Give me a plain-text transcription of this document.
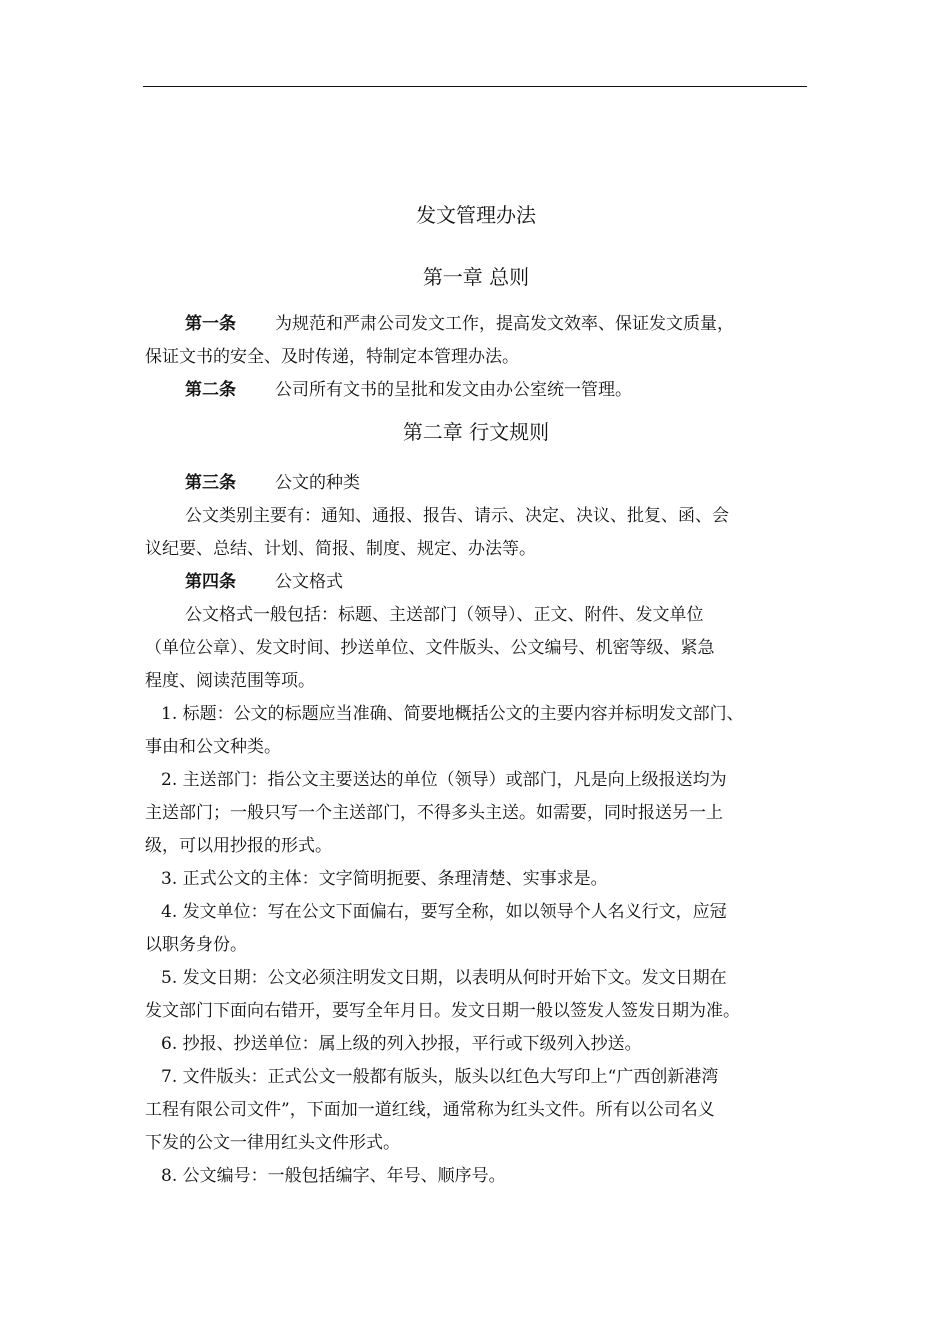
发文管理办法
第一章 总则

第一条 为规范和严肃公司发文工作，提高发文效率、保证发文质量，

保证文书的安全、及时传递，特制定本管理办法。

第二条 公司所有文书的呈批和发文由办公室统一管理。

第二章 行文规则

第三条 公文的种类

公文类别主要有：通知、通报、报告、请示、决定、决议、批复、函、会

议纪要、总结、计划、简报、制度、规定、办法等。

第四条 公文格式

公文格式一般包括：标题、主送部门（领导）、正文、附件、发文单位

（单位公章）、发文时间、抄送单位、文件版头、公文编号、机密等级、紧急

程度、阅读范围等项。

1. 标题：公文的标题应当准确、简要地概括公文的主要内容并标明发文部门、

事由和公文种类。

2. 主送部门：指公文主要送达的单位（领导）或部门，凡是向上级报送均为

主送部门；一般只写一个主送部门，不得多头主送。如需要，同时报送另一上

级，可以用抄报的形式。

3. 正式公文的主体：文字简明扼要、条理清楚、实事求是。

4. 发文单位：写在公文下面偏右，要写全称，如以领导个人名义行文，应冠

以职务身份。

5. 发文日期：公文必须注明发文日期，以表明从何时开始下文。发文日期在

发文部门下面向右错开，要写全年月日。发文日期一般以签发人签发日期为准。

6. 抄报、抄送单位：属上级的列入抄报，平行或下级列入抄送。

7. 文件版头：正式公文一般都有版头，版头以红色大写印上“广西创新港湾

工程有限公司文件”，下面加一道红线，通常称为红头文件。所有以公司名义

下发的公文一律用红头文件形式。

8. 公文编号：一般包括编字、年号、顺序号。
